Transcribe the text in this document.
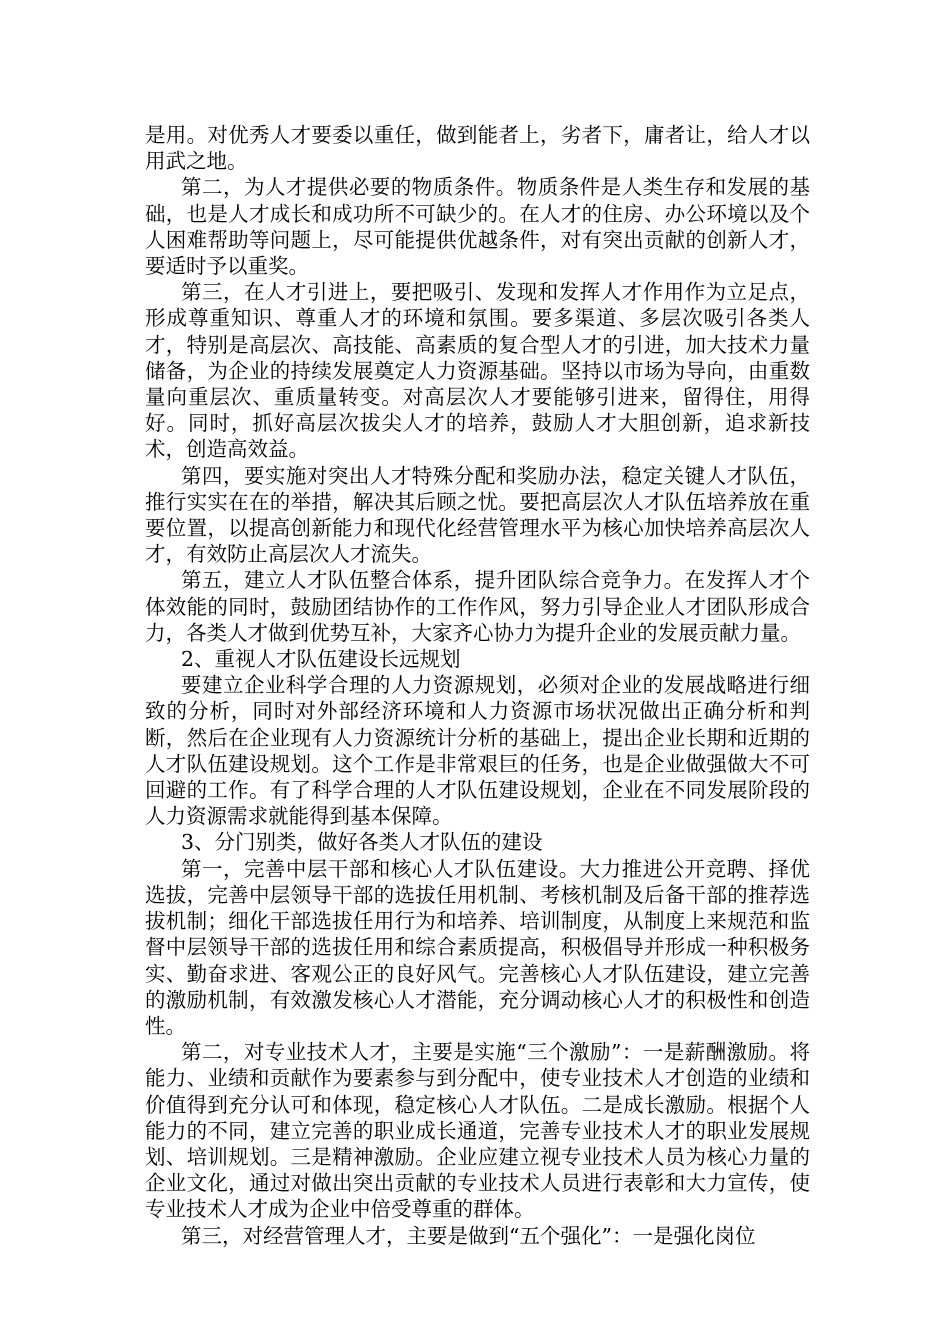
是用。对优秀人才要委以重任，做到能者上，劣者下，庸者让，给人才以用武之地。

第二，为人才提供必要的物质条件。物质条件是人类生存和发展的基础，也是人才成长和成功所不可缺少的。在人才的住房、办公环境以及个人困难帮助等问题上，尽可能提供优越条件，对有突出贡献的创新人才，要适时予以重奖。

第三，在人才引进上，要把吸引、发现和发挥人才作用作为立足点，形成尊重知识、尊重人才的环境和氛围。要多渠道、多层次吸引各类人才，特别是高层次、高技能、高素质的复合型人才的引进，加大技术力量储备，为企业的持续发展奠定人力资源基础。坚持以市场为导向，由重数量向重层次、重质量转变。对高层次人才要能够引进来，留得住，用得好。同时，抓好高层次拔尖人才的培养，鼓励人才大胆创新，追求新技术，创造高效益。

第四，要实施对突出人才特殊分配和奖励办法，稳定关键人才队伍，推行实实在在的举措，解决其后顾之忧。要把高层次人才队伍培养放在重要位置，以提高创新能力和现代化经营管理水平为核心加快培养高层次人才，有效防止高层次人才流失。

第五，建立人才队伍整合体系，提升团队综合竞争力。在发挥人才个体效能的同时，鼓励团结协作的工作作风，努力引导企业人才团队形成合力，各类人才做到优势互补，大家齐心协力为提升企业的发展贡献力量。

2、重视人才队伍建设长远规划

要建立企业科学合理的人力资源规划，必须对企业的发展战略进行细致的分析，同时对外部经济环境和人力资源市场状况做出正确分析和判断，然后在企业现有人力资源统计分析的基础上，提出企业长期和近期的人才队伍建设规划。这个工作是非常艰巨的任务，也是企业做强做大不可回避的工作。有了科学合理的人才队伍建设规划，企业在不同发展阶段的人力资源需求就能得到基本保障。

3、分门别类，做好各类人才队伍的建设

第一，完善中层干部和核心人才队伍建设。大力推进公开竞聘、择优选拔，完善中层领导干部的选拔任用机制、考核机制及后备干部的推荐选拔机制；细化干部选拔任用行为和培养、培训制度，从制度上来规范和监督中层领导干部的选拔任用和综合素质提高，积极倡导并形成一种积极务实、勤奋求进、客观公正的良好风气。完善核心人才队伍建设，建立完善的激励机制，有效激发核心人才潜能，充分调动核心人才的积极性和创造性。

第二，对专业技术人才，主要是实施“三个激励”：一是薪酬激励。将能力、业绩和贡献作为要素参与到分配中，使专业技术人才创造的业绩和价值得到充分认可和体现，稳定核心人才队伍。二是成长激励。根据个人能力的不同，建立完善的职业成长通道，完善专业技术人才的职业发展规划、培训规划。三是精神激励。企业应建立视专业技术人员为核心力量的企业文化，通过对做出突出贡献的专业技术人员进行表彰和大力宣传，使专业技术人才成为企业中倍受尊重的群体。

第三，对经营管理人才，主要是做到“五个强化”：一是强化岗位
